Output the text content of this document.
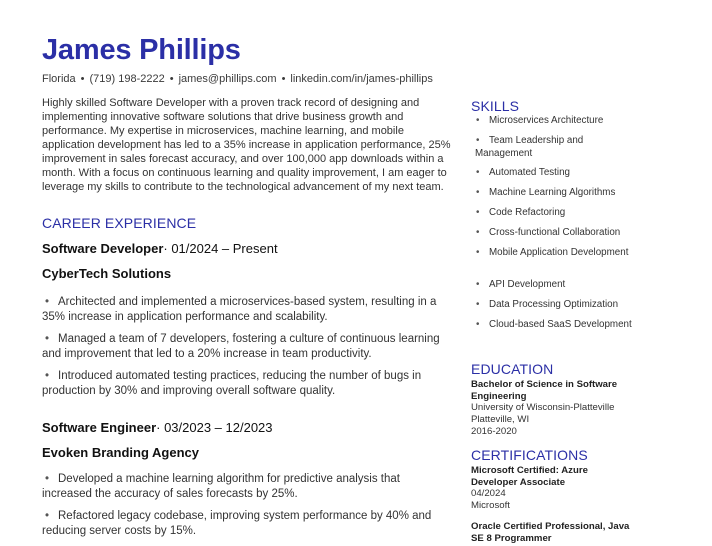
James Phillips
Florida • (719) 198-2222 • james@phillips.com • linkedin.com/in/james-phillips
Highly skilled Software Developer with a proven track record of designing and implementing innovative software solutions that drive business growth and performance. My expertise in microservices, machine learning, and mobile application development has led to a 35% increase in application performance, 25% improvement in sales forecast accuracy, and over 100,000 app downloads within a month. With a focus on continuous learning and quality improvement, I am eager to leverage my skills to contribute to the technological advancement of my next team.
CAREER EXPERIENCE
Software Developer· 01/2024 – Present
CyberTech Solutions
• Architected and implemented a microservices-based system, resulting in a 35% increase in application performance and scalability.
• Managed a team of 7 developers, fostering a culture of continuous learning and improvement that led to a 20% increase in team productivity.
• Introduced automated testing practices, reducing the number of bugs in production by 30% and improving overall software quality.
Software Engineer· 03/2023 – 12/2023
Evoken Branding Agency
• Developed a machine learning algorithm for predictive analysis that increased the accuracy of sales forecasts by 25%.
• Refactored legacy codebase, improving system performance by 40% and reducing server costs by 15%.
SKILLS
• Microservices Architecture
• Team Leadership and Management
• Automated Testing
• Machine Learning Algorithms
• Code Refactoring
• Cross-functional Collaboration
• Mobile Application Development
• API Development
• Data Processing Optimization
• Cloud-based SaaS Development
EDUCATION
Bachelor of Science in Software Engineering
University of Wisconsin-Platteville
Platteville, WI
2016-2020
CERTIFICATIONS
Microsoft Certified: Azure Developer Associate
04/2024
Microsoft
Oracle Certified Professional, Java SE 8 Programmer
